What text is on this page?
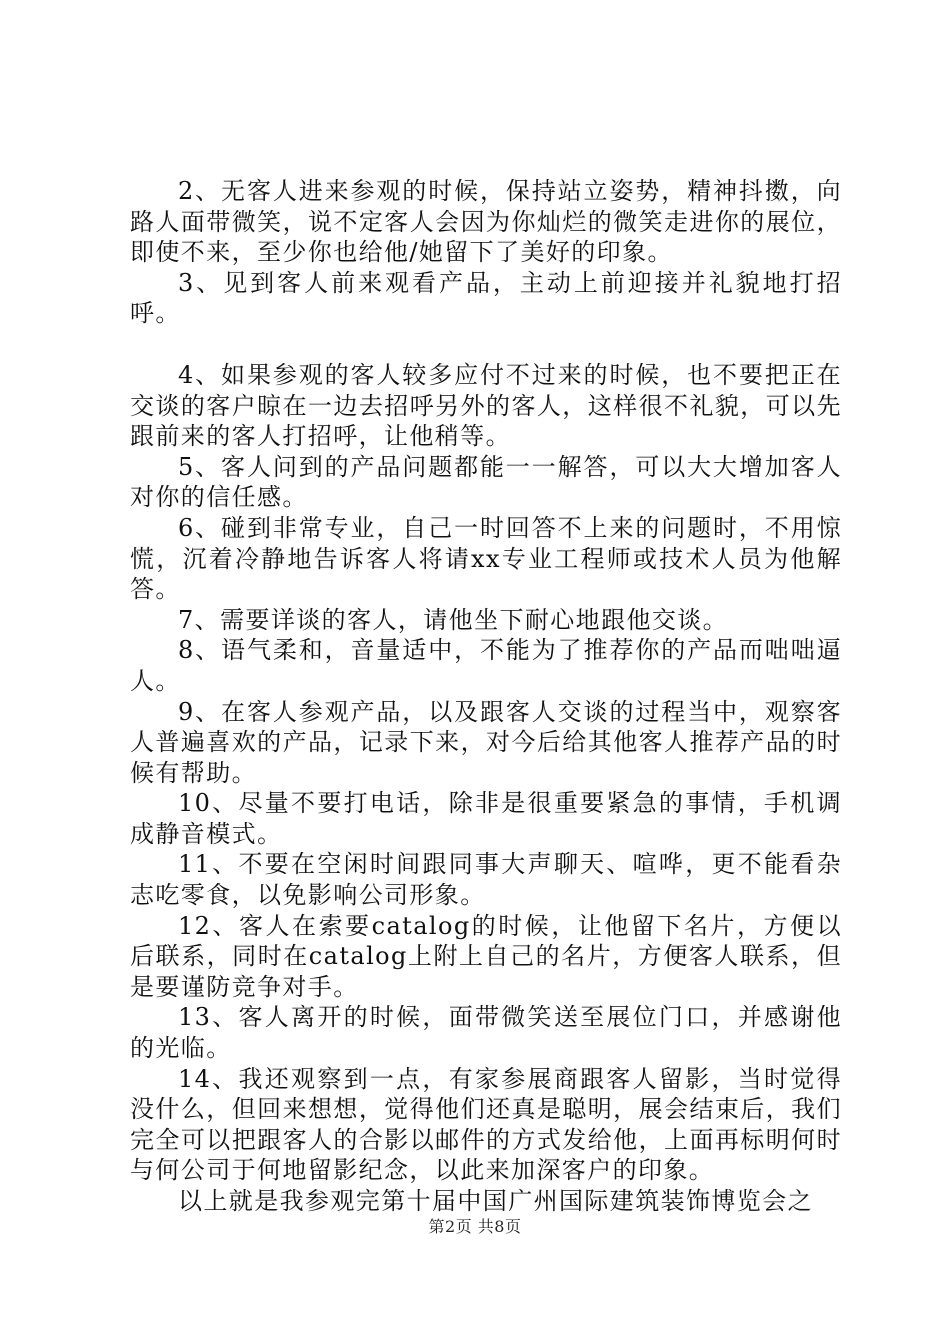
2、无客人进来参观的时候，保持站立姿势，精神抖擞，向路人面带微笑，说不定客人会因为你灿烂的微笑走进你的展位，即使不来，至少你也给他/她留下了美好的印象。

3、见到客人前来观看产品，主动上前迎接并礼貌地打招呼。

4、如果参观的客人较多应付不过来的时候，也不要把正在交谈的客户晾在一边去招呼另外的客人，这样很不礼貌，可以先跟前来的客人打招呼，让他稍等。

5、客人问到的产品问题都能一一解答，可以大大增加客人对你的信任感。

6、碰到非常专业，自己一时回答不上来的问题时，不用惊慌，沉着冷静地告诉客人将请xx专业工程师或技术人员为他解答。

7、需要详谈的客人，请他坐下耐心地跟他交谈。

8、语气柔和，音量适中，不能为了推荐你的产品而咄咄逼人。

9、在客人参观产品，以及跟客人交谈的过程当中，观察客人普遍喜欢的产品，记录下来，对今后给其他客人推荐产品的时候有帮助。

10、尽量不要打电话，除非是很重要紧急的事情，手机调成静音模式。

11、不要在空闲时间跟同事大声聊天、喧哗，更不能看杂志吃零食，以免影响公司形象。

12、客人在索要catalog的时候，让他留下名片，方便以后联系，同时在catalog上附上自己的名片，方便客人联系，但是要谨防竞争对手。

13、客人离开的时候，面带微笑送至展位门口，并感谢他的光临。

14、我还观察到一点，有家参展商跟客人留影，当时觉得没什么，但回来想想，觉得他们还真是聪明，展会结束后，我们完全可以把跟客人的合影以邮件的方式发给他，上面再标明何时与何公司于何地留影纪念，以此来加深客户的印象。

以上就是我参观完第十届中国广州国际建筑装饰博览会之

第2页 共8页
